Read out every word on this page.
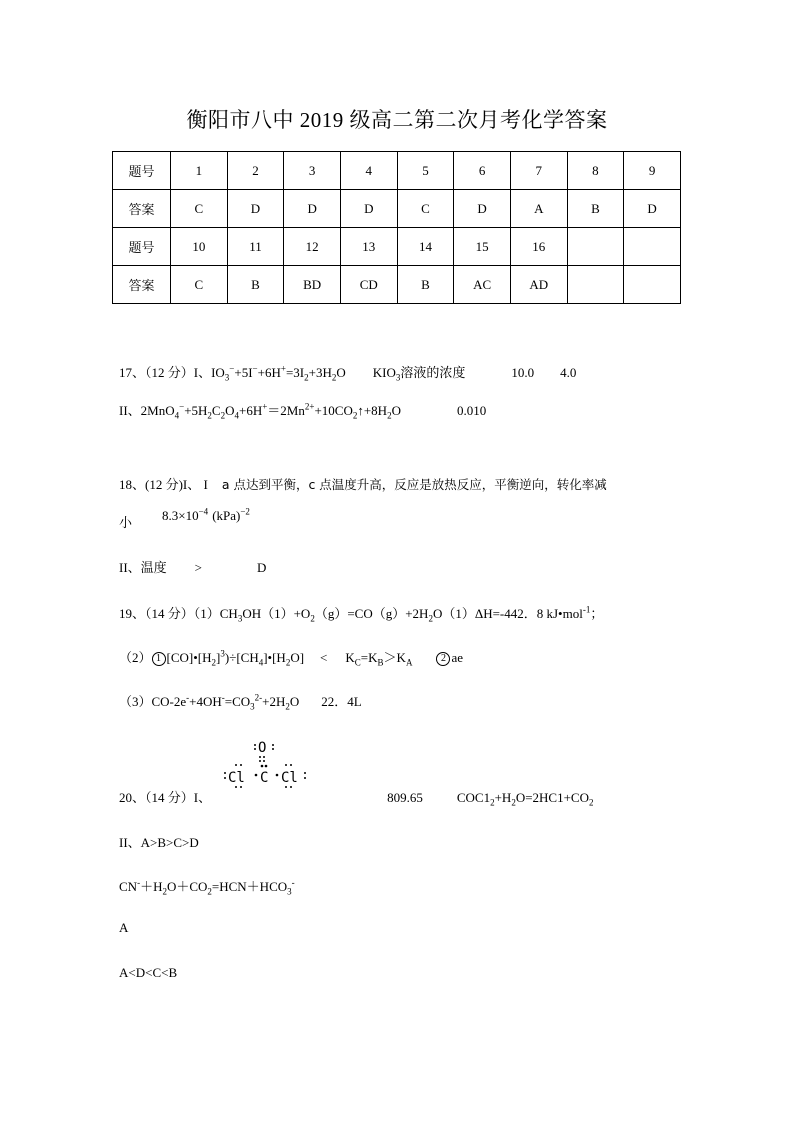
衡阳市八中 2019 级高二第二次月考化学答案
题号	1	2	3	4	5	6	7	8	9
答案	C	D	D	D	C	D	A	B	D
题号	10	11	12	13	14	15	16		
答案	C	B	BD	CD	B	AC	AD		
17、（12 分）I、$IO_3^-+5I^-+6H^+=3I_2+3H_2O$ $KIO_3$溶液的浓度	10.0 4.0
II、$2MnO_4^-+5H_2C_2O_4+6H^+=2Mn^{2+}+10CO_2↑+8H_2O$	0.010
18、(12 分)I、 I a 点达到平衡，c 点温度升高，反应是放热反应，平衡逆向，转化率减
小 $8.3\times 10^{-4}$ (kPa)$^{-2}$
II、温度 >	D
19、（14 分）$(1)CH_3OH(1)+O_2(g)=CO(g)+2H_2O(1)\Delta H=-442$．8 kJ•mol$^{-1}$；
（2） 1 $[CO]•[H_2]^3)\div[CH_4]•[H_2O] < K_C=K_B>K_A$	2 ae
$(3)CO-2e^-+4OH^-=CO_3^{2-}+2H_2O$ 22．4L
O
Cl C Cl
20、（14 分）I、	809.65	$COC1_2+H_2O=2HC1+CO_2$
II、A>B>C>D
$CN^-+H_2O+CO_2=HCN+HCO_3^-$
A
A<D<C<B
